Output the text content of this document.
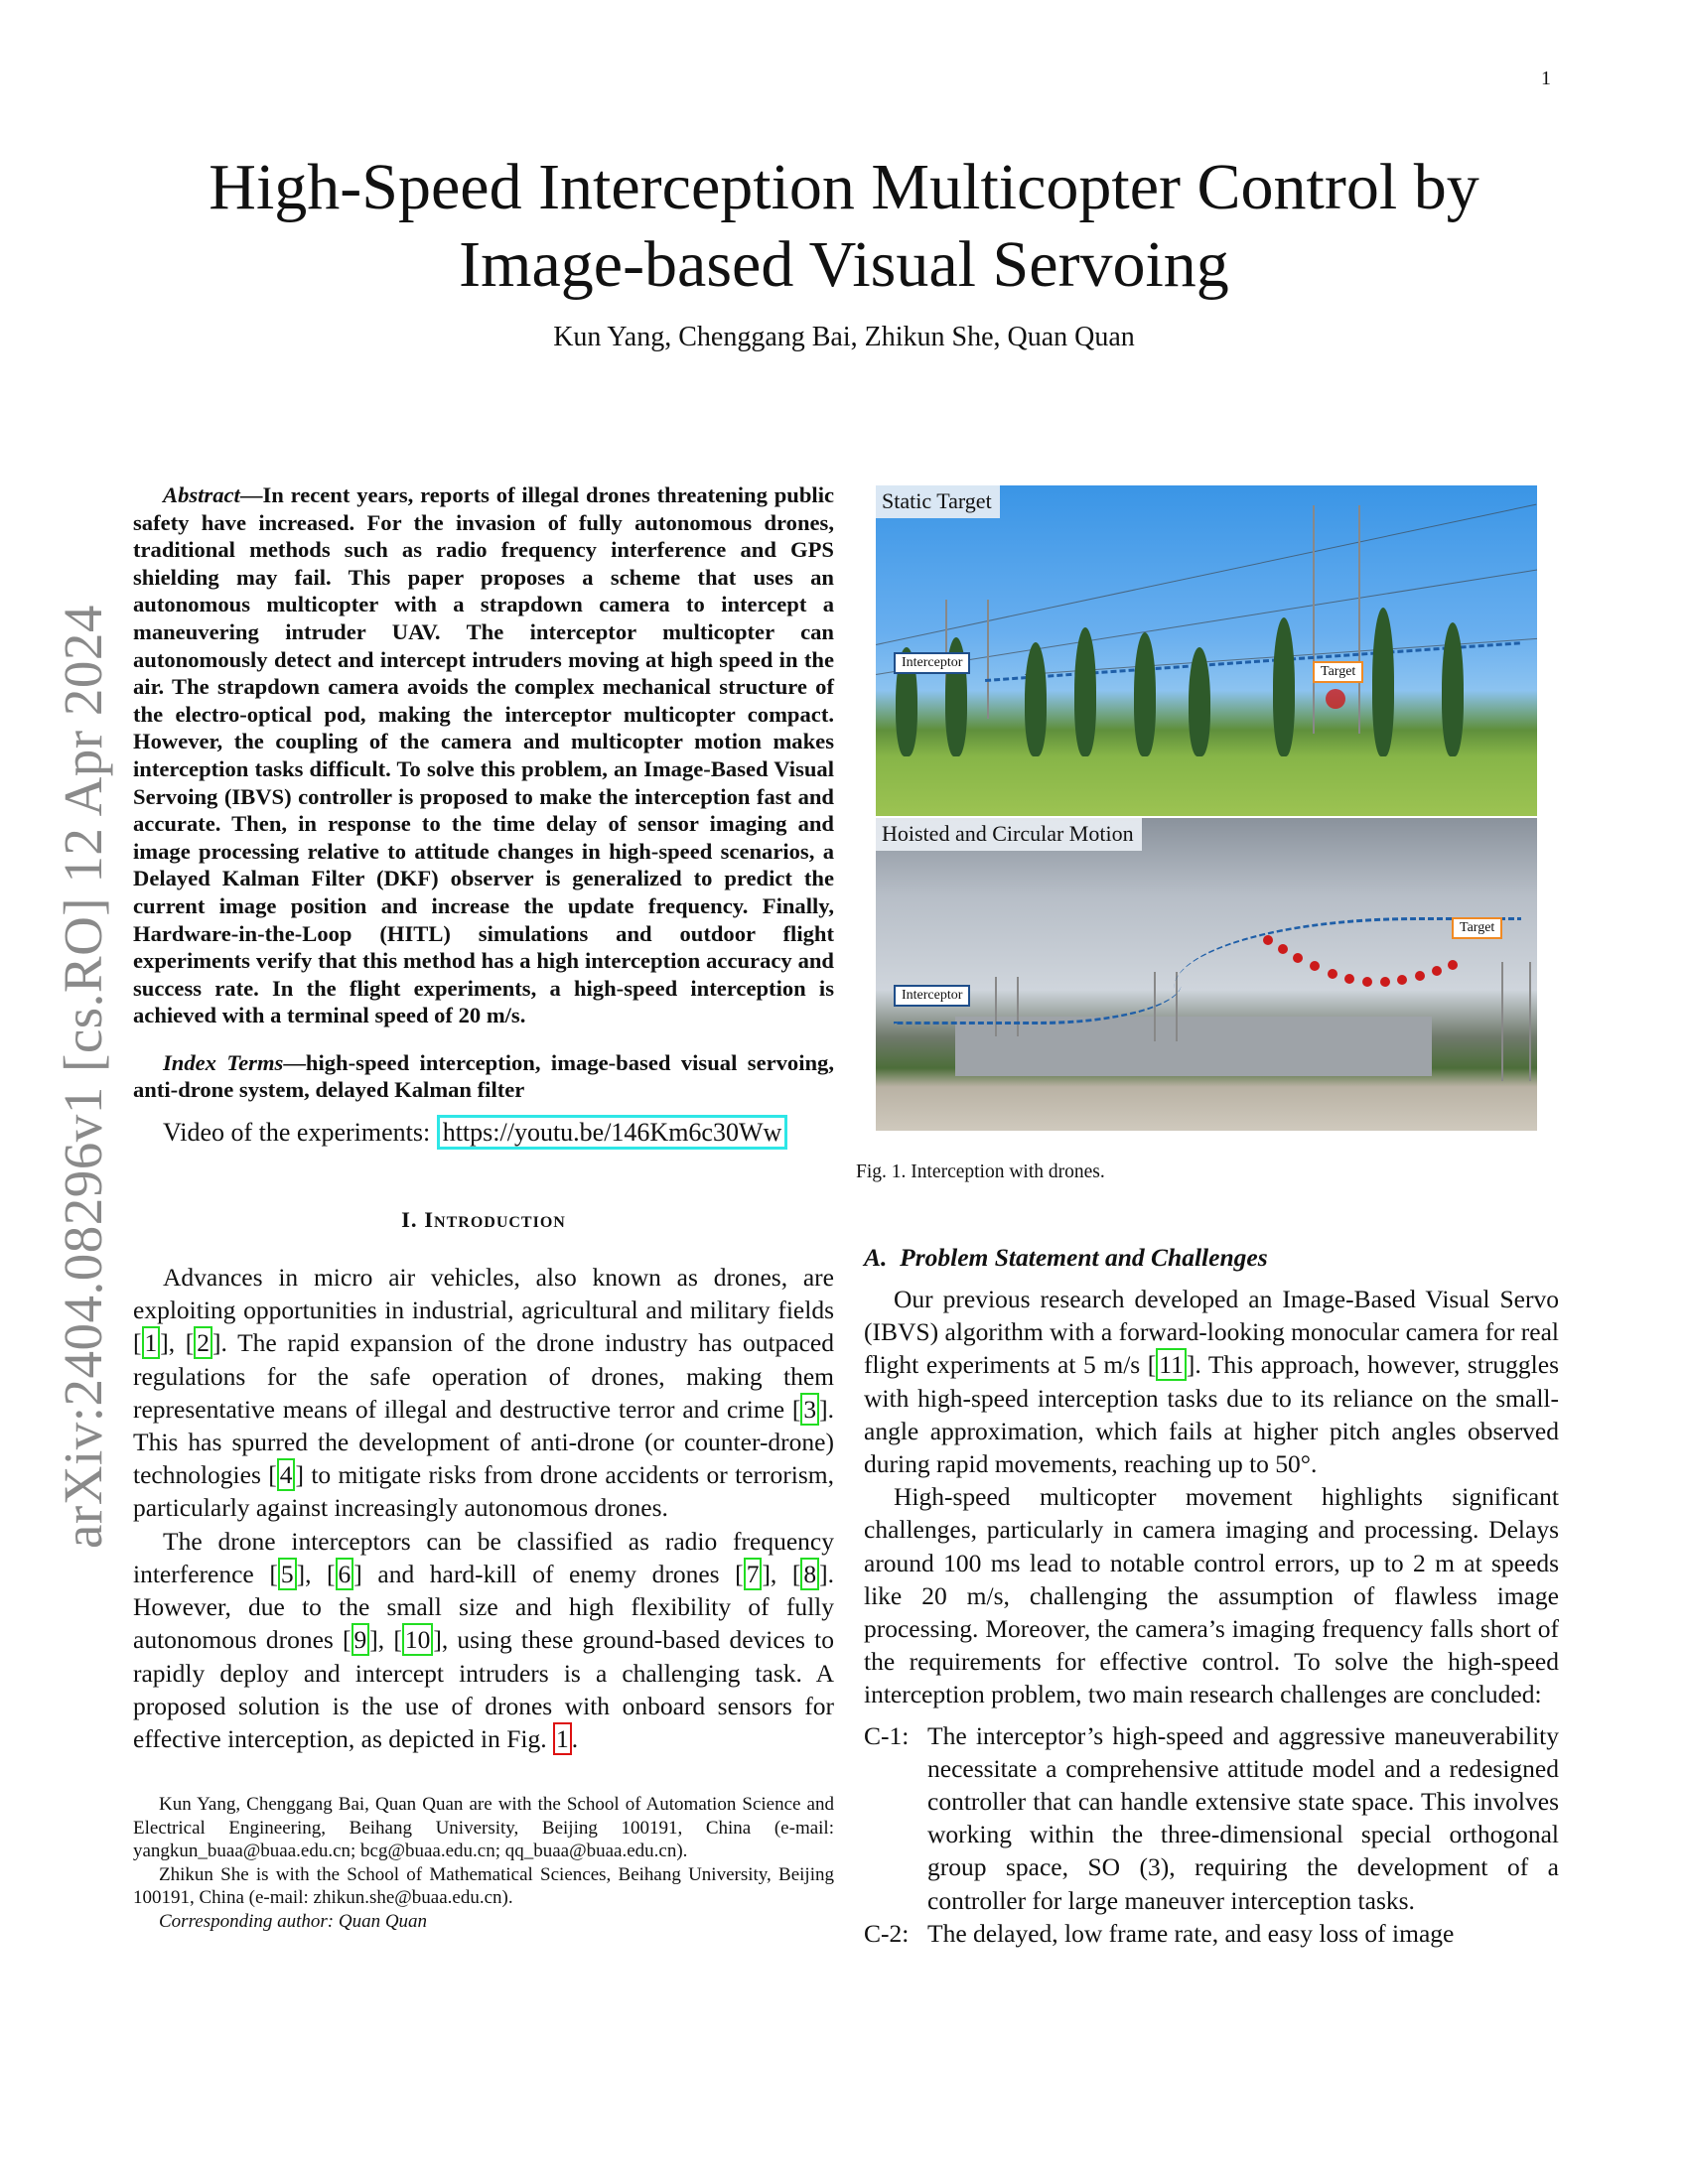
1
arXiv:2404.08296v1 [cs.RO] 12 Apr 2024
High-Speed Interception Multicopter Control by
Image-based Visual Servoing
Kun Yang, Chenggang Bai, Zhikun She, Quan Quan

Abstract—In recent years, reports of illegal drones threatening public safety have increased. For the invasion of fully autonomous drones, traditional methods such as radio frequency interference and GPS shielding may fail. This paper proposes a scheme that uses an autonomous multicopter with a strapdown camera to intercept a maneuvering intruder UAV. The interceptor multicopter can autonomously detect and intercept intruders moving at high speed in the air. The strapdown camera avoids the complex mechanical structure of the electro-optical pod, making the interceptor multicopter compact. However, the coupling of the camera and multicopter motion makes interception tasks difficult. To solve this problem, an Image-Based Visual Servoing (IBVS) controller is proposed to make the interception fast and accurate. Then, in response to the time delay of sensor imaging and image processing relative to attitude changes in high-speed scenarios, a Delayed Kalman Filter (DKF) observer is generalized to predict the current image position and increase the update frequency. Finally, Hardware-in-the-Loop (HITL) simulations and outdoor flight experiments verify that this method has a high interception accuracy and success rate. In the flight experiments, a high-speed interception is achieved with a terminal speed of 20 m/s.

Index Terms—high-speed interception, image-based visual servoing, anti-drone system, delayed Kalman filter

Video of the experiments: https://youtu.be/146Km6c30Ww
I. Introduction

Advances in micro air vehicles, also known as drones, are exploiting opportunities in industrial, agricultural and military fields [ 1 ], [ 2 ]. The rapid expansion of the drone industry has outpaced regulations for the safe operation of drones, making them representative means of illegal and destructive terror and crime [ 3 ]. This has spurred the development of anti-drone (or counter-drone) technologies [ 4 ] to mitigate risks from drone accidents or terrorism, particularly against increasingly autonomous drones.

The drone interceptors can be classified as radio frequency interference [ 5 ], [ 6 ] and hard-kill of enemy drones [ 7 ], [ 8 ]. However, due to the small size and high flexibility of fully autonomous drones [ 9 ], [ 10 ], using these ground-based devices to rapidly deploy and intercept intruders is a challenging task. A proposed solution is the use of drones with onboard sensors for effective interception, as depicted in Fig. 1 .

Kun Yang, Chenggang Bai, Quan Quan are with the School of Automation Science and Electrical Engineering, Beihang University, Beijing 100191, China (e-mail: yangkun_buaa@buaa.edu.cn; bcg@buaa.edu.cn; qq_buaa@buaa.edu.cn).

Zhikun She is with the School of Mathematical Sciences, Beihang University, Beijing 100191, China (e-mail: zhikun.she@buaa.edu.cn).

Corresponding author: Quan Quan

Static Target
Interceptor
Target
Hoisted and Circular Motion
Interceptor
Target
Fig. 1. Interception with drones.
A. Problem Statement and Challenges

Our previous research developed an Image-Based Visual Servo (IBVS) algorithm with a forward-looking monocular camera for real flight experiments at 5 m/s [ 11 ]. This approach, however, struggles with high-speed interception tasks due to its reliance on the small-angle approximation, which fails at higher pitch angles observed during rapid movements, reaching up to 50°.

High-speed multicopter movement highlights significant challenges, particularly in camera imaging and processing. Delays around 100 ms lead to notable control errors, up to 2 m at speeds like 20 m/s, challenging the assumption of flawless image processing. Moreover, the camera’s imaging frequency falls short of the requirements for effective control. To solve the high-speed interception problem, two main research challenges are concluded:

C-1: The interceptor’s high-speed and aggressive maneuverability necessitate a comprehensive attitude model and a redesigned controller that can handle extensive state space. This involves working within the three-dimensional special orthogonal group space, SO (3), requiring the development of a controller for large maneuver interception tasks.

C-2: The delayed, low frame rate, and easy loss of image
